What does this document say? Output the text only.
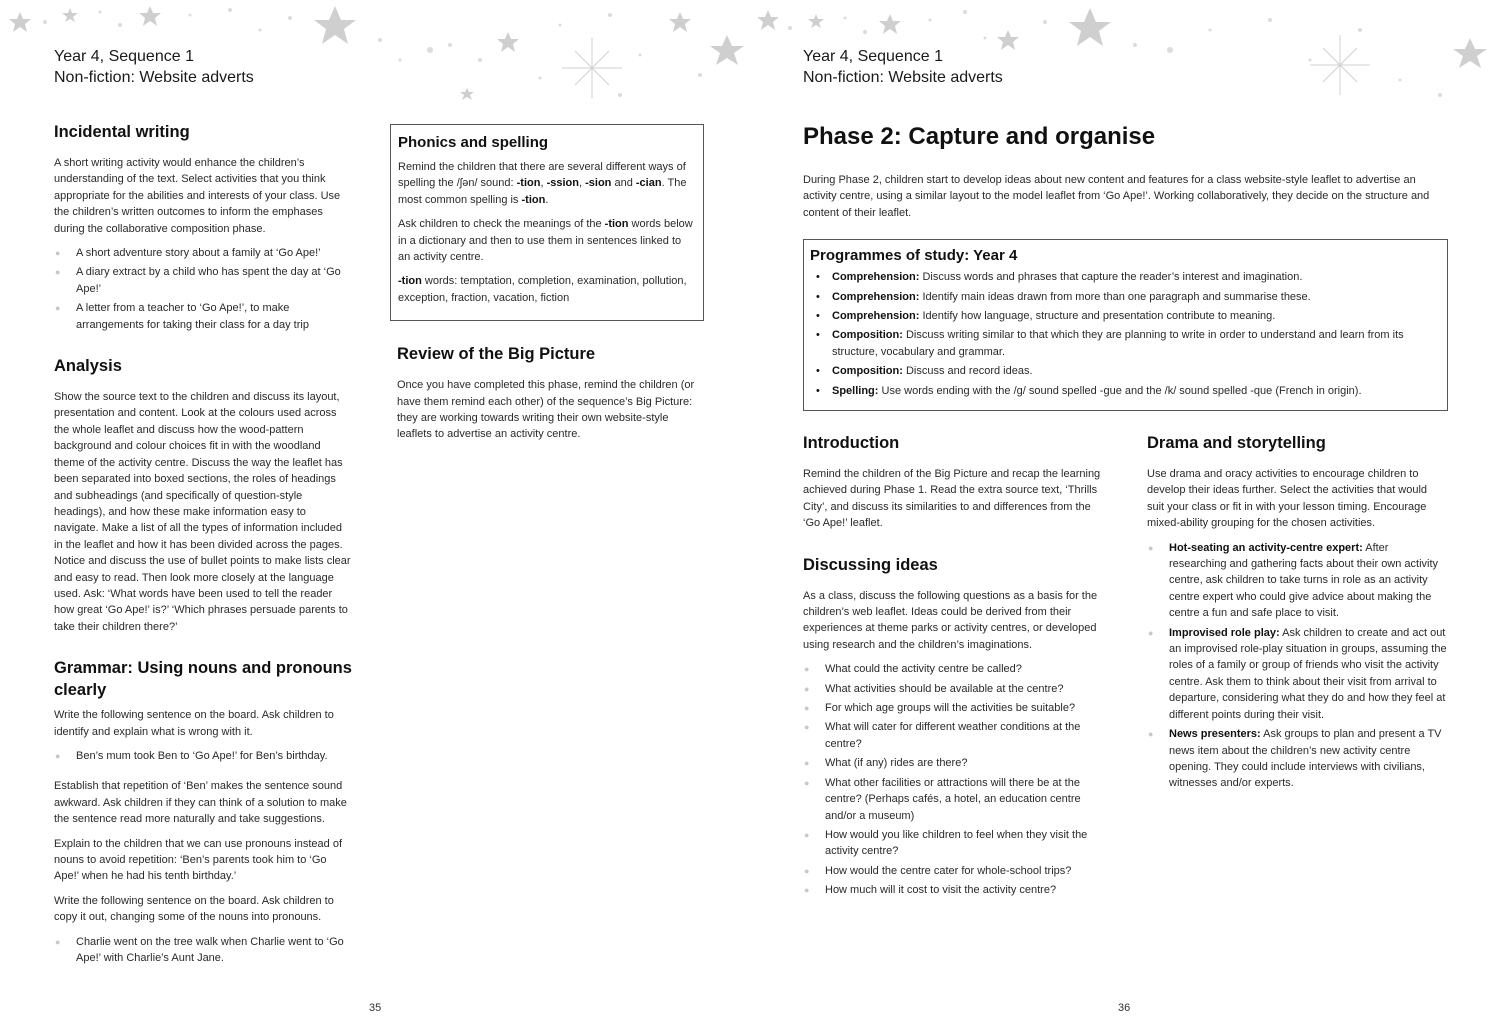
Year 4, Sequence 1
Non-fiction: Website adverts
Incidental writing

A short writing activity would enhance the children’s understanding of the text. Select activities that you think appropriate for the abilities and interests of your class. Use the children’s written outcomes to inform the emphases during the collaborative composition phase.

● A short adventure story about a family at ‘Go Ape!’
● A diary extract by a child who has spent the day at ‘Go Ape!’
● A letter from a teacher to ‘Go Ape!’, to make arrangements for taking their class for a day trip
Analysis

Show the source text to the children and discuss its layout, presentation and content. Look at the colours used across the whole leaflet and discuss how the wood-pattern background and colour choices fit in with the woodland theme of the activity centre. Discuss the way the leaflet has been separated into boxed sections, the roles of headings and subheadings (and specifically of question-style headings), and how these make information easy to navigate. Make a list of all the types of information included in the leaflet and how it has been divided across the pages. Notice and discuss the use of bullet points to make lists clear and easy to read. Then look more closely at the language used. Ask: ‘What words have been used to tell the reader how great ‘Go Ape!’ is?’ ‘Which phrases persuade parents to take their children there?’

Grammar: Using nouns and pronouns clearly

Write the following sentence on the board. Ask children to identify and explain what is wrong with it.

● Ben’s mum took Ben to ‘Go Ape!’ for Ben’s birthday.

Establish that repetition of ‘Ben’ makes the sentence sound awkward. Ask children if they can think of a solution to make the sentence read more naturally and take suggestions.

Explain to the children that we can use pronouns instead of nouns to avoid repetition: ‘Ben’s parents took him to ‘Go Ape!’ when he had his tenth birthday.’

Write the following sentence on the board. Ask children to copy it out, changing some of the nouns into pronouns.

● Charlie went on the tree walk when Charlie went to ‘Go Ape!’ with Charlie’s Aunt Jane.
Phonics and spelling

Remind the children that there are several different ways of spelling the /ʃən/ sound: -tion, -ssion, -sion and -cian. The most common spelling is -tion.

Ask children to check the meanings of the -tion words below in a dictionary and then to use them in sentences linked to an activity centre.

-tion words: temptation, completion, examination, pollution, exception, fraction, vacation, fiction

Review of the Big Picture

Once you have completed this phase, remind the children (or have them remind each other) of the sequence’s Big Picture: they are working towards writing their own website-style leaflets to advertise an activity centre.

35
Year 4, Sequence 1
Non-fiction: Website adverts
Phase 2: Capture and organise

During Phase 2, children start to develop ideas about new content and features for a class website-style leaflet to advertise an activity centre, using a similar layout to the model leaflet from ‘Go Ape!’. Working collaboratively, they decide on the structure and content of their leaflet.

Programmes of study: Year 4
• Comprehension: Discuss words and phrases that capture the reader’s interest and imagination.
• Comprehension: Identify main ideas drawn from more than one paragraph and summarise these.
• Comprehension: Identify how language, structure and presentation contribute to meaning.
• Composition: Discuss writing similar to that which they are planning to write in order to understand and learn from its structure, vocabulary and grammar.
• Composition: Discuss and record ideas.
• Spelling: Use words ending with the /g/ sound spelled -gue and the /k/ sound spelled -que (French in origin).
Introduction

Remind the children of the Big Picture and recap the learning achieved during Phase 1. Read the extra source text, ‘Thrills City’, and discuss its similarities to and differences from the ‘Go Ape!’ leaflet.

Discussing ideas

As a class, discuss the following questions as a basis for the children’s web leaflet. Ideas could be derived from their experiences at theme parks or activity centres, or developed using research and the children’s imaginations.

● What could the activity centre be called?
● What activities should be available at the centre?
● For which age groups will the activities be suitable?
● What will cater for different weather conditions at the centre?
● What (if any) rides are there?
● What other facilities or attractions will there be at the centre? (Perhaps cafés, a hotel, an education centre and/or a museum)
● How would you like children to feel when they visit the activity centre?
● How would the centre cater for whole-school trips?
● How much will it cost to visit the activity centre?
Drama and storytelling

Use drama and oracy activities to encourage children to develop their ideas further. Select the activities that would suit your class or fit in with your lesson timing. Encourage mixed-ability grouping for the chosen activities.

● Hot-seating an activity-centre expert: After researching and gathering facts about their own activity centre, ask children to take turns in role as an activity centre expert who could give advice about making the centre a fun and safe place to visit.
● Improvised role play: Ask children to create and act out an improvised role-play situation in groups, assuming the roles of a family or group of friends who visit the activity centre. Ask them to think about their visit from arrival to departure, considering what they do and how they feel at different points during their visit.
● News presenters: Ask groups to plan and present a TV news item about the children’s new activity centre opening. They could include interviews with civilians, witnesses and/or experts.
36
